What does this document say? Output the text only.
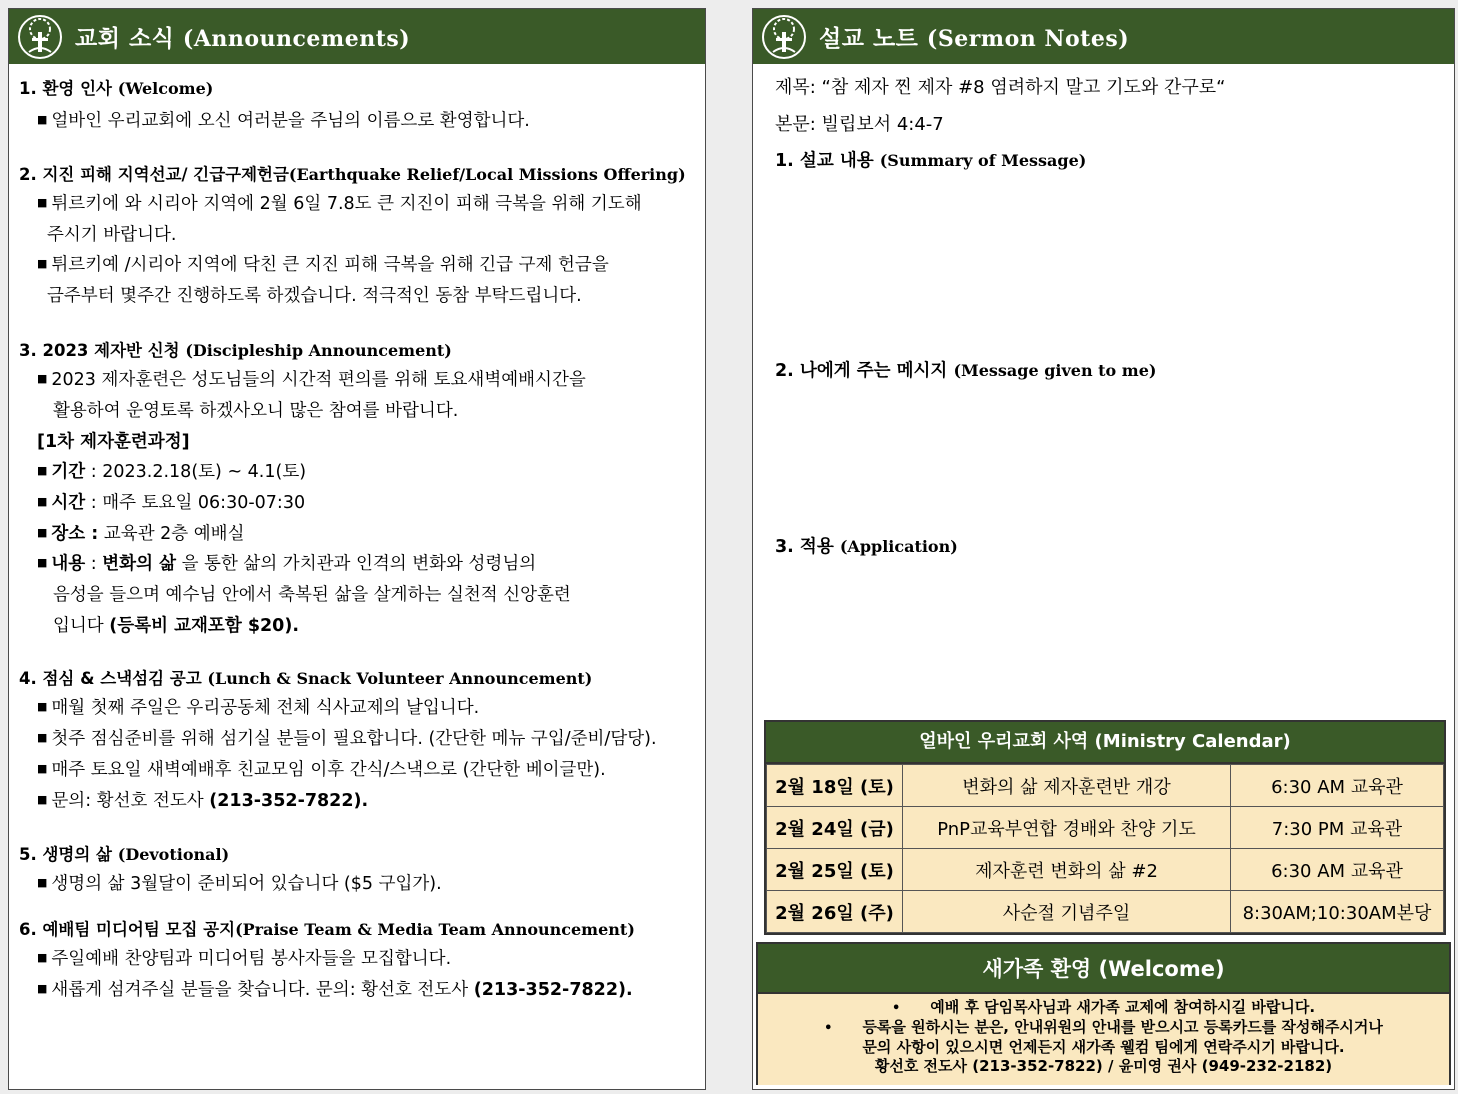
교회 소식 (Announcements)
1. 환영 인사 (Welcome)
■ 얼바인 우리교회에 오신 여러분을 주님의 이름으로 환영합니다.
2. 지진 피해 지역선교/ 긴급구제헌금(Earthquake Relief/Local Missions Offering)
■ 튀르키에 와 시리아 지역에 2월 6일 7.8도 큰 지진이 피해 극복을 위해 기도해
주시기 바랍니다.
■ 튀르키예 /시리아 지역에 닥친 큰 지진 피해 극복을 위해 긴급 구제 헌금을
금주부터 몇주간 진행하도록 하겠습니다. 적극적인 동참 부탁드립니다.
3. 2023 제자반 신청 (Discipleship Announcement)
■ 2023 제자훈련은 성도님들의 시간적 편의를 위해 토요새벽예배시간을
활용하여 운영토록 하겠사오니 많은 참여를 바랍니다.
[1차 제자훈련과정]
■ 기간 : 2023.2.18(토) ~ 4.1(토)
■ 시간 : 매주 토요일 06:30-07:30
■ 장소 : 교육관 2층 예배실
■ 내용 : 변화의 삶 을 통한 삶의 가치관과 인격의 변화와 성령님의
음성을 들으며 예수님 안에서 축복된 삶을 살게하는 실천적 신앙훈련
입니다 (등록비 교재포함 $20).
4. 점심 & 스낵섬김 공고 (Lunch & Snack Volunteer Announcement)
■ 매월 첫째 주일은 우리공동체 전체 식사교제의 날입니다.
■ 첫주 점심준비를 위해 섬기실 분들이 필요합니다. (간단한 메뉴 구입/준비/담당).
■ 매주 토요일 새벽예배후 친교모임 이후 간식/스낵으로 (간단한 베이글만).
■ 문의: 황선호 전도사 (213-352-7822).
5. 생명의 삶 (Devotional)
■ 생명의 삶 3월달이 준비되어 있습니다 ($5 구입가).
6. 예배팀 미디어팀 모집 공지(Praise Team & Media Team Announcement)
■ 주일예배 찬양팀과 미디어팀 봉사자들을 모집합니다.
■ 새롭게 섬겨주실 분들을 찾습니다. 문의: 황선호 전도사 (213-352-7822).
설교 노트 (Sermon Notes)
제목: “참 제자 찐 제자 #8 염려하지 말고 기도와 간구로“
본문: 빌립보서 4:4-7
1. 설교 내용 (Summary of Message)
2. 나에게 주는 메시지 (Message given to me)
3. 적용 (Application)
얼바인 우리교회 사역 (Ministry Calendar)
2월 18일 (토)	변화의 삶 제자훈련반 개강	6:30 AM 교육관
2월 24일 (금)	PnP교육부연합 경배와 찬양 기도	7:30 PM 교육관
2월 25일 (토)	제자훈련 변화의 삶 #2	6:30 AM 교육관
2월 26일 (주)	사순절 기념주일	8:30AM;10:30AM본당
새가족 환영 (Welcome)
• 예배 후 담임목사님과 새가족 교제에 참여하시길 바랍니다.
• 등록을 원하시는 분은, 안내위원의 안내를 받으시고 등록카드를 작성해주시거나
문의 사항이 있으시면 언제든지 새가족 웰컴 팀에게 연락주시기 바랍니다.
황선호 전도사 (213-352-7822) / 윤미영 권사 (949-232-2182)
